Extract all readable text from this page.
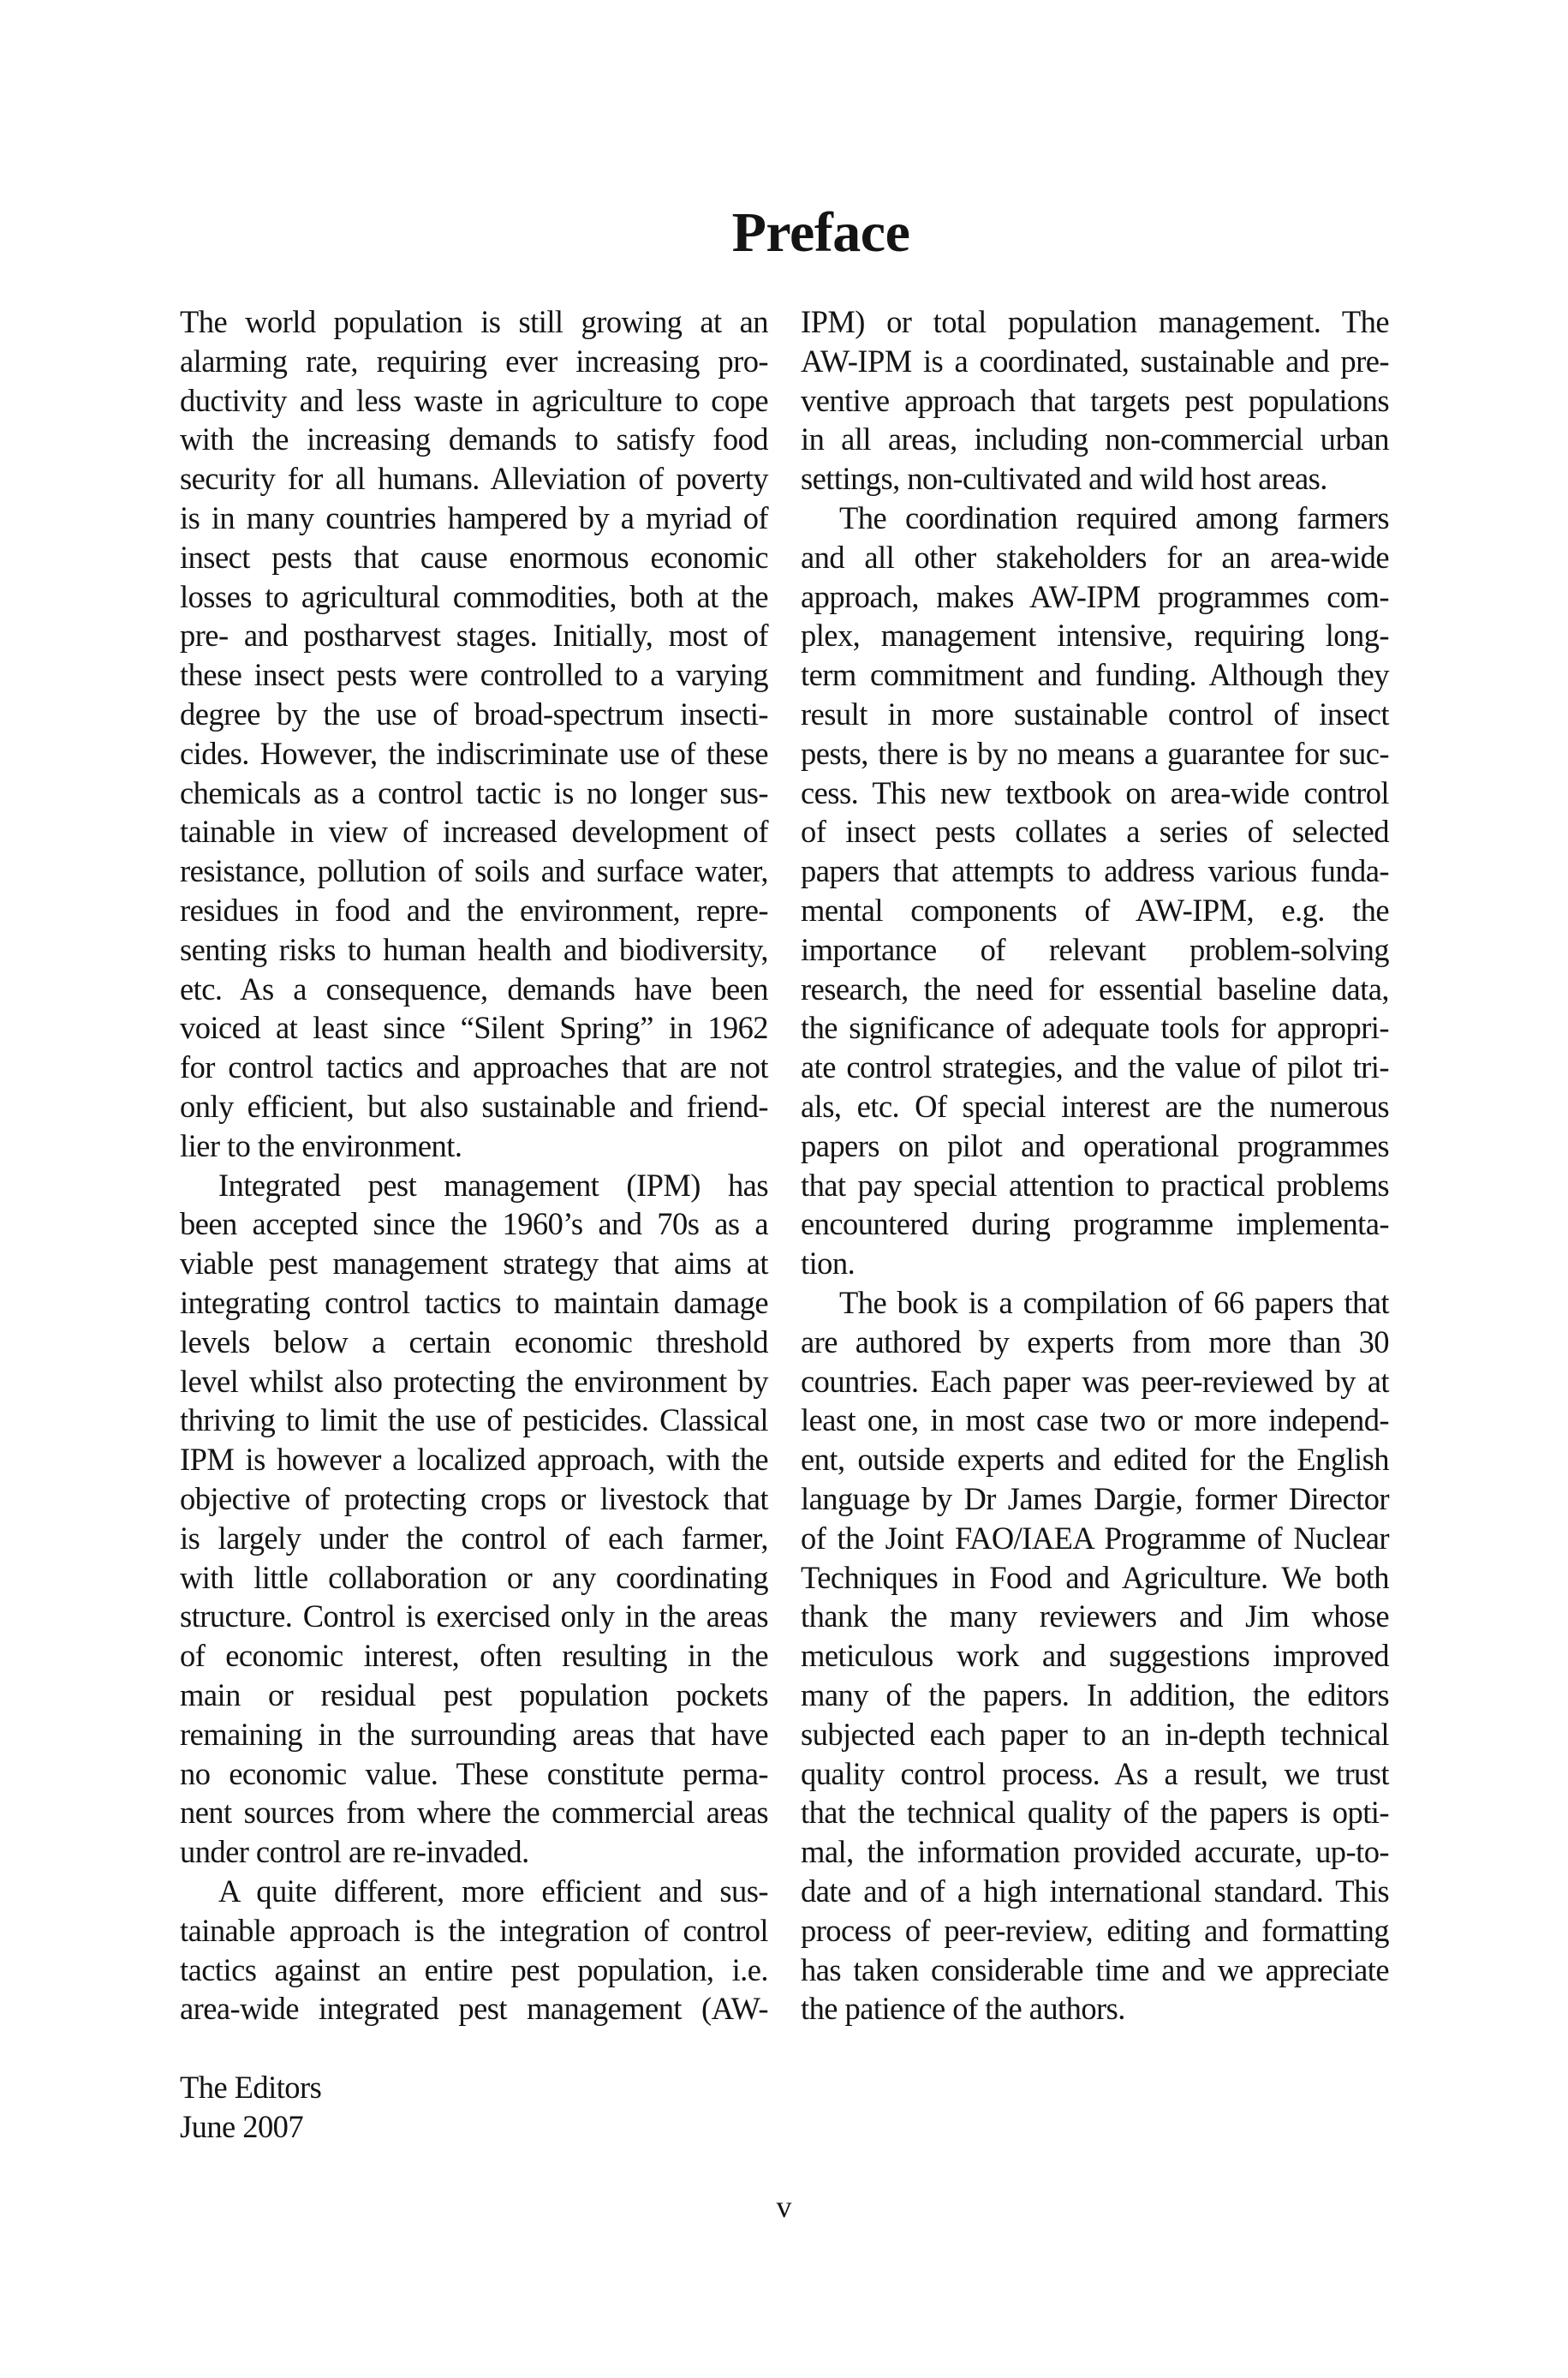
Preface
The world population is still growing at an
alarming rate, requiring ever increasing pro-
ductivity and less waste in agriculture to cope
with the increasing demands to satisfy food
security for all humans. Alleviation of poverty
is in many countries hampered by a myriad of
insect pests that cause enormous economic
losses to agricultural commodities, both at the
pre- and postharvest stages. Initially, most of
these insect pests were controlled to a varying
degree by the use of broad-spectrum insecti-
cides. However, the indiscriminate use of these
chemicals as a control tactic is no longer sus-
tainable in view of increased development of
resistance, pollution of soils and surface water,
residues in food and the environment, repre-
senting risks to human health and biodiversity,
etc. As a consequence, demands have been
voiced at least since “Silent Spring” in 1962
for control tactics and approaches that are not
only efficient, but also sustainable and friend-
lier to the environment.
Integrated pest management (IPM) has
been accepted since the 1960’s and 70s as a
viable pest management strategy that aims at
integrating control tactics to maintain damage
levels below a certain economic threshold
level whilst also protecting the environment by
thriving to limit the use of pesticides. Classical
IPM is however a localized approach, with the
objective of protecting crops or livestock that
is largely under the control of each farmer,
with little collaboration or any coordinating
structure. Control is exercised only in the areas
of economic interest, often resulting in the
main or residual pest population pockets
remaining in the surrounding areas that have
no economic value. These constitute perma-
nent sources from where the commercial areas
under control are re-invaded.
A quite different, more efficient and sus-
tainable approach is the integration of control
tactics against an entire pest population, i.e.
area-wide integrated pest management (AW-
IPM) or total population management. The
AW-IPM is a coordinated, sustainable and pre-
ventive approach that targets pest populations
in all areas, including non-commercial urban
settings, non-cultivated and wild host areas.
The coordination required among farmers
and all other stakeholders for an area-wide
approach, makes AW-IPM programmes com-
plex, management intensive, requiring long-
term commitment and funding. Although they
result in more sustainable control of insect
pests, there is by no means a guarantee for suc-
cess. This new textbook on area-wide control
of insect pests collates a series of selected
papers that attempts to address various funda-
mental components of AW-IPM, e.g. the
importance of relevant problem-solving
research, the need for essential baseline data,
the significance of adequate tools for appropri-
ate control strategies, and the value of pilot tri-
als, etc. Of special interest are the numerous
papers on pilot and operational programmes
that pay special attention to practical problems
encountered during programme implementa-
tion.
The book is a compilation of 66 papers that
are authored by experts from more than 30
countries. Each paper was peer-reviewed by at
least one, in most case two or more independ-
ent, outside experts and edited for the English
language by Dr James Dargie, former Director
of the Joint FAO/IAEA Programme of Nuclear
Techniques in Food and Agriculture. We both
thank the many reviewers and Jim whose
meticulous work and suggestions improved
many of the papers. In addition, the editors
subjected each paper to an in-depth technical
quality control process. As a result, we trust
that the technical quality of the papers is opti-
mal, the information provided accurate, up-to-
date and of a high international standard. This
process of peer-review, editing and formatting
has taken considerable time and we appreciate
the patience of the authors.
The Editors
June 2007
v
